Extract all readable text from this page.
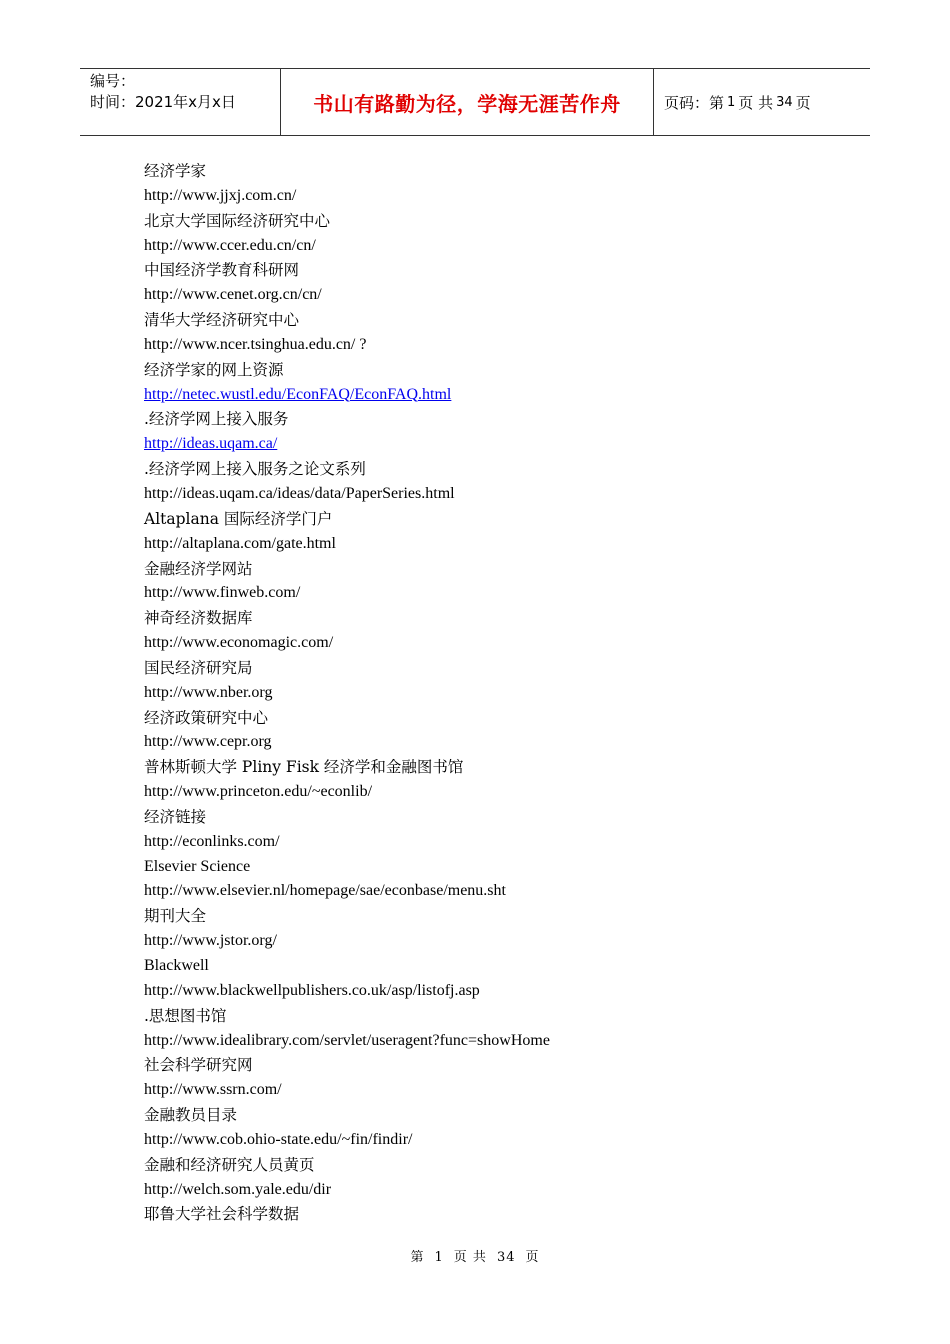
编号：
时间：2021年x月x日	书山有路勤为径，学海无涯苦作舟	页码：第 1 页 共 34 页
经济学家
http://www.jjxj.com.cn/
北京大学国际经济研究中心
http://www.ccer.edu.cn/cn/
中国经济学教育科研网
http://www.cenet.org.cn/cn/
清华大学经济研究中心
http://www.ncer.tsinghua.edu.cn/ ?
经济学家的网上资源
http://netec.wustl.edu/EconFAQ/EconFAQ.html
.经济学网上接入服务
http://ideas.uqam.ca/
.经济学网上接入服务之论文系列
http://ideas.uqam.ca/ideas/data/PaperSeries.html
Altaplana 国际经济学门户
http://altaplana.com/gate.html
金融经济学网站
http://www.finweb.com/
神奇经济数据库
http://www.economagic.com/
国民经济研究局
http://www.nber.org
经济政策研究中心
http://www.cepr.org
普林斯顿大学 Pliny Fisk 经济学和金融图书馆
http://www.princeton.edu/~econlib/
经济链接
http://econlinks.com/
Elsevier Science
http://www.elsevier.nl/homepage/sae/econbase/menu.sht
期刊大全
http://www.jstor.org/
Blackwell
http://www.blackwellpublishers.co.uk/asp/listofj.asp
.思想图书馆
http://www.idealibrary.com/servlet/useragent?func=showHome
社会科学研究网
http://www.ssrn.com/
金融教员目录
http://www.cob.ohio-state.edu/~fin/findir/
金融和经济研究人员黄页
http://welch.som.yale.edu/dir
耶鲁大学社会科学数据
第 1 页 共 34 页
